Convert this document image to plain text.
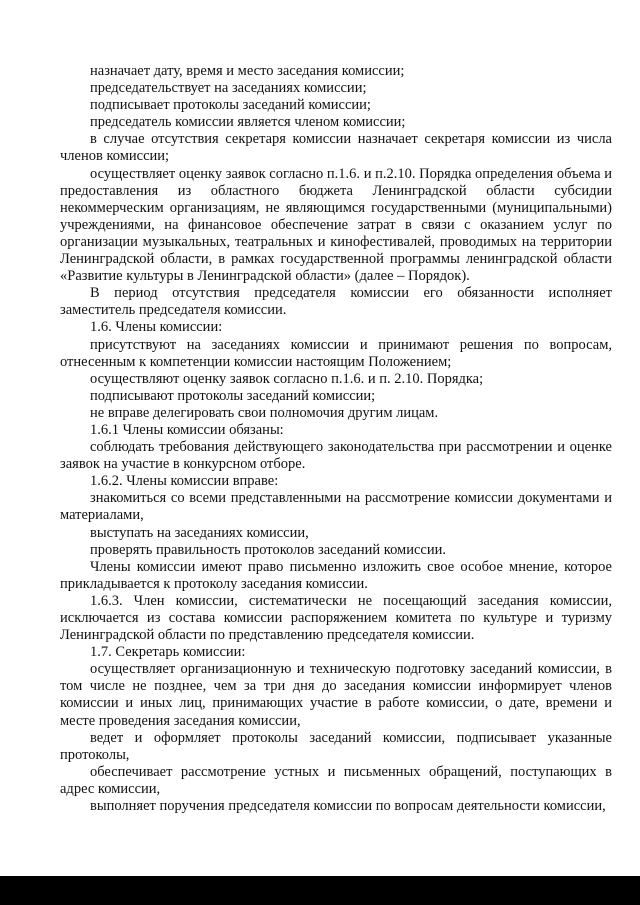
назначает дату, время и место заседания комиссии;

председательствует на заседаниях комиссии;

подписывает протоколы заседаний комиссии;

председатель комиссии является членом комиссии;

в случае отсутствия секретаря комиссии назначает секретаря комиссии из числа членов комиссии;

осуществляет оценку заявок согласно п.1.6. и п.2.10. Порядка определения объема и предоставления из областного бюджета Ленинградской области субсидии некоммерческим организациям, не являющимся государственными (муниципальными) учреждениями, на финансовое обеспечение затрат в связи с оказанием услуг по организации музыкальных, театральных и кинофестивалей, проводимых на территории Ленинградской области, в рамках государственной программы ленинградской области «Развитие культуры в Ленинградской области» (далее – Порядок).

В период отсутствия председателя комиссии его обязанности исполняет заместитель председателя комиссии.

1.6. Члены комиссии:

присутствуют на заседаниях комиссии и принимают решения по вопросам, отнесенным к компетенции комиссии настоящим Положением;

осуществляют оценку заявок согласно п.1.6. и п. 2.10. Порядка;

подписывают протоколы заседаний комиссии;

не вправе делегировать свои полномочия другим лицам.

1.6.1 Члены комиссии обязаны:

соблюдать требования действующего законодательства при рассмотрении и оценке заявок на участие в конкурсном отборе.

1.6.2. Члены комиссии вправе:

знакомиться со всеми представленными на рассмотрение комиссии документами и материалами,

выступать на заседаниях комиссии,

проверять правильность протоколов заседаний комиссии.

Члены комиссии имеют право письменно изложить свое особое мнение, которое прикладывается к протоколу заседания комиссии.

1.6.3. Член комиссии, систематически не посещающий заседания комиссии, исключается из состава комиссии распоряжением комитета по культуре и туризму Ленинградской области по представлению председателя комиссии.

1.7. Секретарь комиссии:

осуществляет организационную и техническую подготовку заседаний комиссии, в том числе не позднее, чем за три дня до заседания комиссии информирует членов комиссии и иных лиц, принимающих участие в работе комиссии, о дате, времени и месте проведения заседания комиссии,

ведет и оформляет протоколы заседаний комиссии, подписывает указанные протоколы,

обеспечивает рассмотрение устных и письменных обращений, поступающих в адрес комиссии,

выполняет поручения председателя комиссии по вопросам деятельности комиссии,
